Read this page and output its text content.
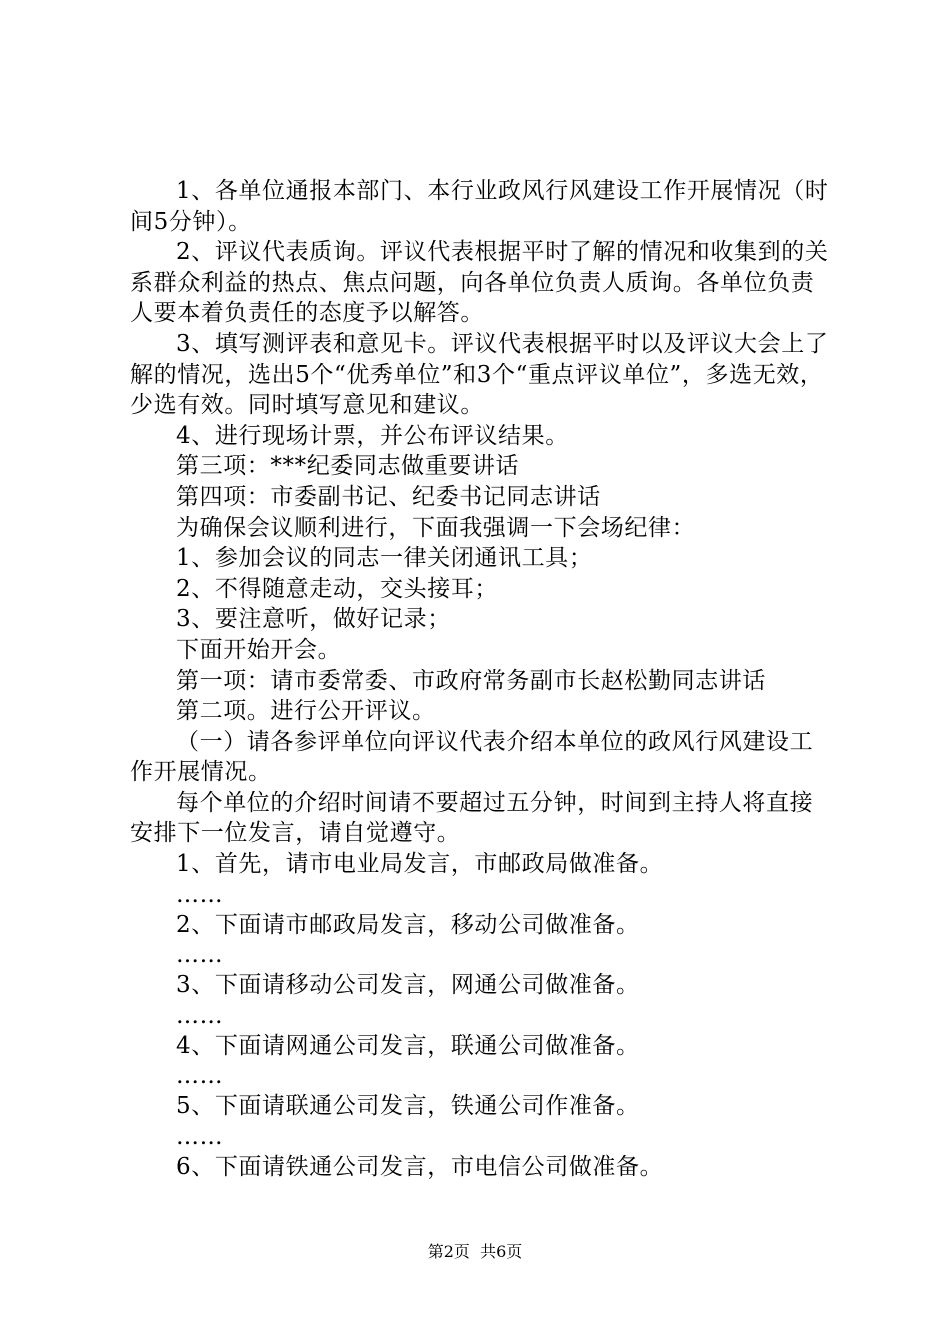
1、各单位通报本部门、本行业政风行风建设工作开展情况（时间5分钟）。

2、评议代表质询。评议代表根据平时了解的情况和收集到的关系群众利益的热点、焦点问题，向各单位负责人质询。各单位负责人要本着负责任的态度予以解答。

3、填写测评表和意见卡。评议代表根据平时以及评议大会上了解的情况，选出5个“优秀单位”和3个“重点评议单位”，多选无效，少选有效。同时填写意见和建议。

4、进行现场计票，并公布评议结果。

第三项：***纪委同志做重要讲话

第四项：市委副书记、纪委书记同志讲话

为确保会议顺利进行，下面我强调一下会场纪律：

1、参加会议的同志一律关闭通讯工具；

2、不得随意走动，交头接耳；

3、要注意听，做好记录；

下面开始开会。

第一项：请市委常委、市政府常务副市长赵松勤同志讲话

第二项。进行公开评议。

（一）请各参评单位向评议代表介绍本单位的政风行风建设工作开展情况。

每个单位的介绍时间请不要超过五分钟，时间到主持人将直接安排下一位发言，请自觉遵守。

1、首先，请市电业局发言，市邮政局做准备。

……

2、下面请市邮政局发言，移动公司做准备。

……

3、下面请移动公司发言，网通公司做准备。

……

4、下面请网通公司发言，联通公司做准备。

……

5、下面请联通公司发言，铁通公司作准备。

……

6、下面请铁通公司发言，市电信公司做准备。

第2页 共6页
